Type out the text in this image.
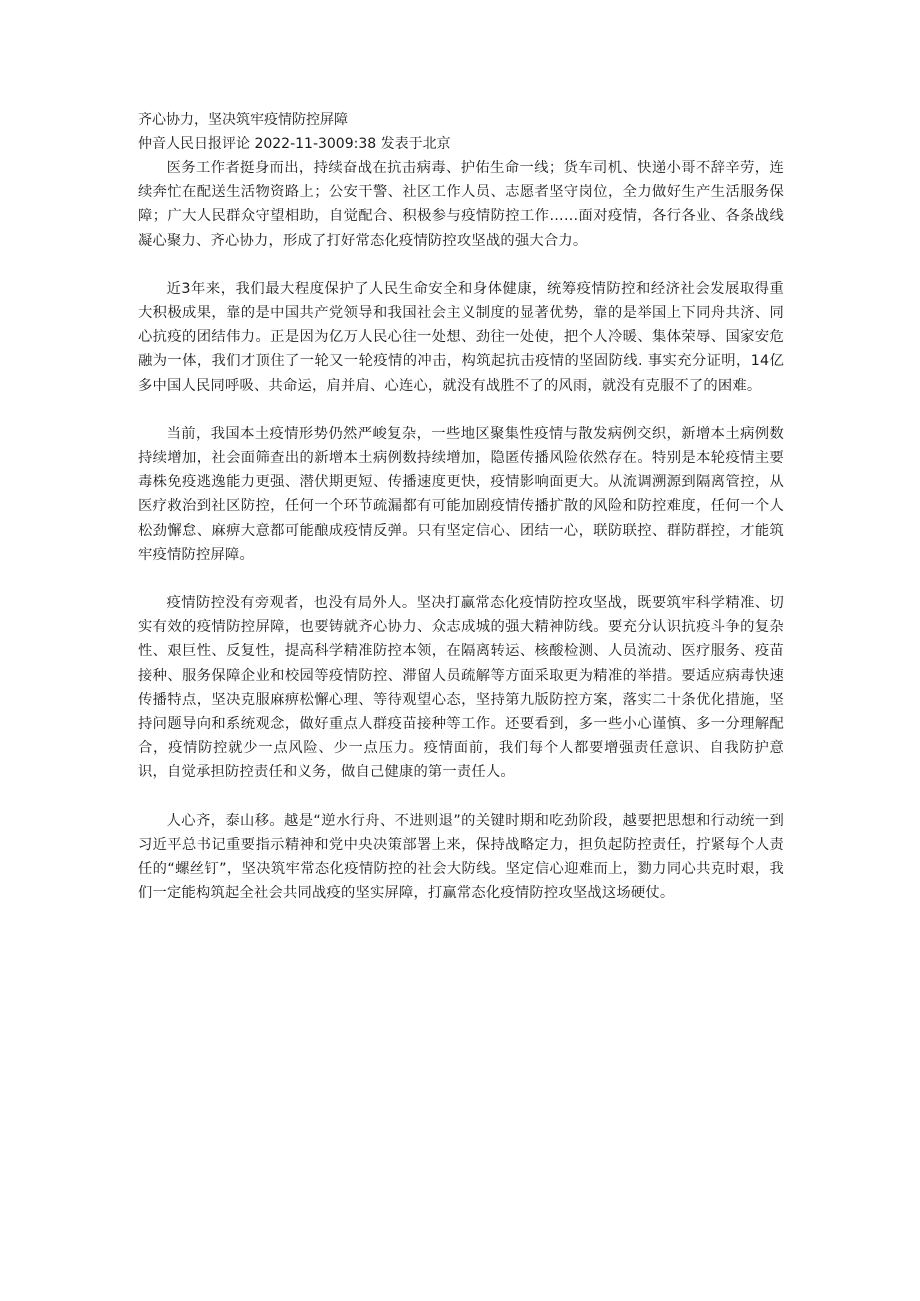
齐心协力，坚决筑牢疫情防控屏障

仲音人民日报评论 2022-11-3009:38 发表于北京

医务工作者挺身而出，持续奋战在抗击病毒、护佑生命一线；货车司机、快递小哥不辞辛劳，连续奔忙在配送生活物资路上；公安干警、社区工作人员、志愿者坚守岗位，全力做好生产生活服务保障；广大人民群众守望相助，自觉配合、积极参与疫情防控工作……面对疫情，各行各业、各条战线凝心聚力、齐心协力，形成了打好常态化疫情防控攻坚战的强大合力。

近3年来，我们最大程度保护了人民生命安全和身体健康，统筹疫情防控和经济社会发展取得重大积极成果，靠的是中国共产党领导和我国社会主义制度的显著优势，靠的是举国上下同舟共济、同心抗疫的团结伟力。正是因为亿万人民心往一处想、劲往一处使，把个人冷暖、集体荣辱、国家安危融为一体，我们才顶住了一轮又一轮疫情的冲击，构筑起抗击疫情的坚固防线. 事实充分证明，14亿多中国人民同呼吸、共命运，肩并肩、心连心，就没有战胜不了的风雨，就没有克服不了的困难。

当前，我国本土疫情形势仍然严峻复杂，一些地区聚集性疫情与散发病例交织，新增本土病例数持续增加，社会面筛查出的新增本土病例数持续增加，隐匿传播风险依然存在。特别是本轮疫情主要毒株免疫逃逸能力更强、潜伏期更短、传播速度更快，疫情影响面更大。从流调溯源到隔离管控，从医疗救治到社区防控，任何一个环节疏漏都有可能加剧疫情传播扩散的风险和防控难度，任何一个人松劲懈怠、麻痹大意都可能酿成疫情反弹。只有坚定信心、团结一心，联防联控、群防群控，才能筑牢疫情防控屏障。

疫情防控没有旁观者，也没有局外人。坚决打赢常态化疫情防控攻坚战，既要筑牢科学精准、切实有效的疫情防控屏障，也要铸就齐心协力、众志成城的强大精神防线。要充分认识抗疫斗争的复杂性、艰巨性、反复性，提高科学精准防控本领，在隔离转运、核酸检测、人员流动、医疗服务、疫苗接种、服务保障企业和校园等疫情防控、滞留人员疏解等方面采取更为精准的举措。要适应病毒快速传播特点，坚决克服麻痹松懈心理、等待观望心态，坚持第九版防控方案，落实二十条优化措施，坚持问题导向和系统观念，做好重点人群疫苗接种等工作。还要看到，多一些小心谨慎、多一分理解配合，疫情防控就少一点风险、少一点压力。疫情面前，我们每个人都要增强责任意识、自我防护意识，自觉承担防控责任和义务，做自己健康的第一责任人。

人心齐，泰山移。越是“逆水行舟、不进则退”的关键时期和吃劲阶段，越要把思想和行动统一到习近平总书记重要指示精神和党中央决策部署上来，保持战略定力，担负起防控责任，拧紧每个人责任的“螺丝钉”，坚决筑牢常态化疫情防控的社会大防线。坚定信心迎难而上，勠力同心共克时艰，我们一定能构筑起全社会共同战疫的坚实屏障，打赢常态化疫情防控攻坚战这场硬仗。
